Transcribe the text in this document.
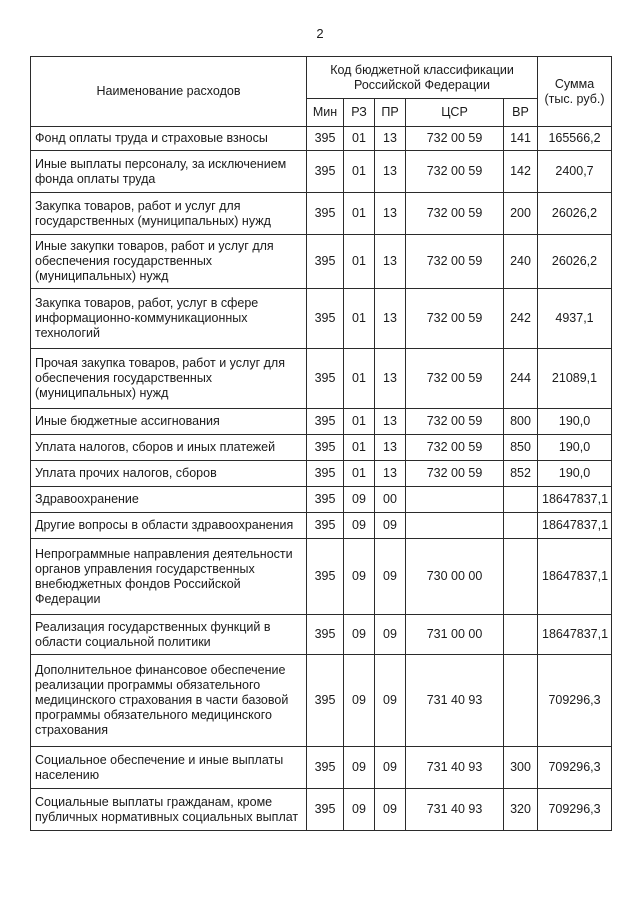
2
Наименование расходов	Код бюджетной классификации Российской Федерации					Сумма (тыс. руб.)
	Мин	РЗ	ПР	ЦСР	ВР	
Фонд оплаты труда и страховые взносы	395	01	13	732 00 59	141	165566,2
Иные выплаты персоналу, за исключением фонда оплаты труда	395	01	13	732 00 59	142	2400,7
Закупка товаров, работ и услуг для государственных (муниципальных) нужд	395	01	13	732 00 59	200	26026,2
Иные закупки товаров, работ и услуг для обеспечения государственных (муниципальных) нужд	395	01	13	732 00 59	240	26026,2
Закупка товаров, работ, услуг в сфере информационно-коммуникационных технологий	395	01	13	732 00 59	242	4937,1
Прочая закупка товаров, работ и услуг для обеспечения государственных (муниципальных) нужд	395	01	13	732 00 59	244	21089,1
Иные бюджетные ассигнования	395	01	13	732 00 59	800	190,0
Уплата налогов, сборов и иных платежей	395	01	13	732 00 59	850	190,0
Уплата прочих налогов, сборов	395	01	13	732 00 59	852	190,0
Здравоохранение	395	09	00			18647837,1
Другие вопросы в области здравоохранения	395	09	09			18647837,1
Непрограммные направления деятельности органов управления государственных внебюджетных фондов Российской Федерации	395	09	09	730 00 00		18647837,1
Реализация государственных функций в области социальной политики	395	09	09	731 00 00		18647837,1
Дополнительное финансовое обеспечение реализации программы обязательного медицинского страхования в части базовой программы обязательного медицинского страхования	395	09	09	731 40 93		709296,3
Социальное обеспечение и иные выплаты населению	395	09	09	731 40 93	300	709296,3
Социальные выплаты гражданам, кроме публичных нормативных социальных выплат	395	09	09	731 40 93	320	709296,3
